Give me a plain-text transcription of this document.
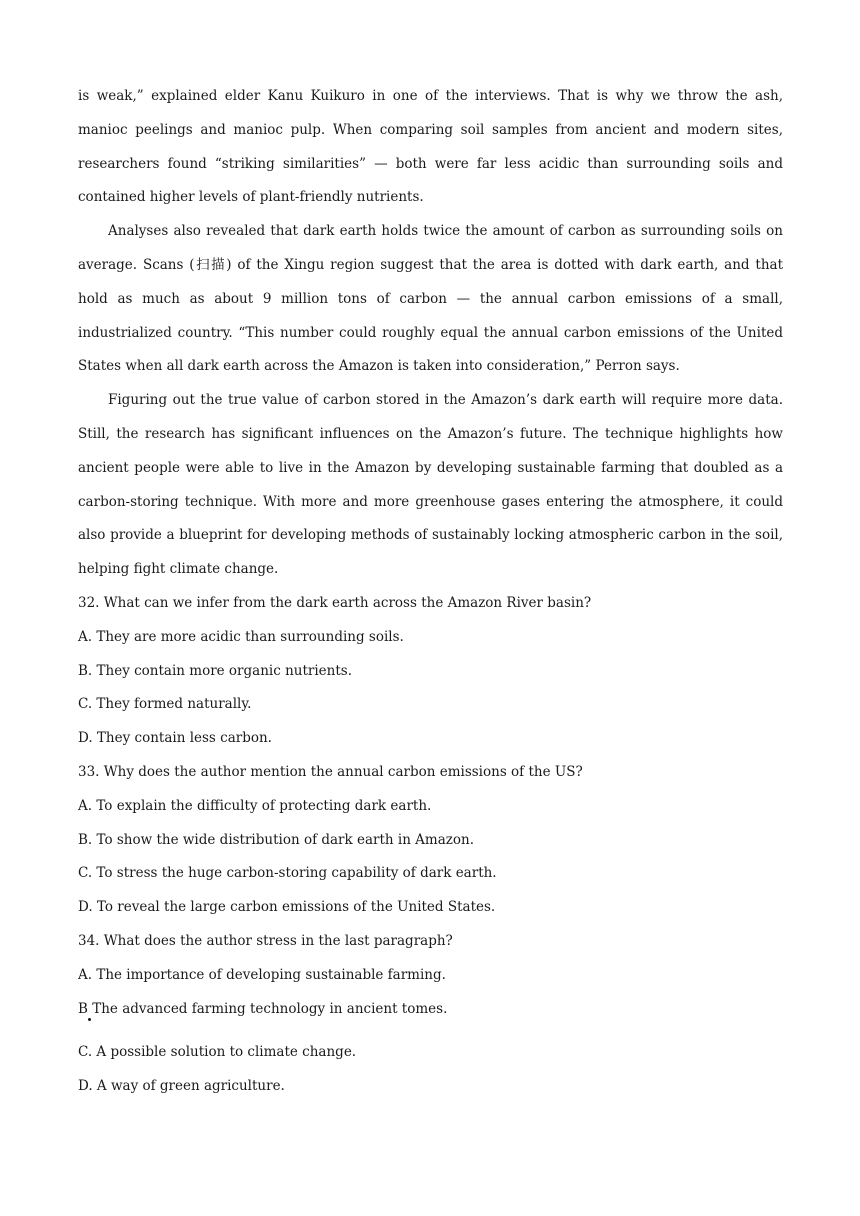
is weak,” explained elder Kanu Kuikuro in one of the interviews. That is why we throw the ash, manioc peelings and manioc pulp. When comparing soil samples from ancient and modern sites, researchers found “striking similarities” — both were far less acidic than surrounding soils and contained higher levels of plant-friendly nutrients.

Analyses also revealed that dark earth holds twice the amount of carbon as surrounding soils on average. Scans (扫描) of the Xingu region suggest that the area is dotted with dark earth, and that hold as much as about 9 million tons of carbon — the annual carbon emissions of a small, industrialized country. “This number could roughly equal the annual carbon emissions of the United States when all dark earth across the Amazon is taken into consideration,” Perron says.

Figuring out the true value of carbon stored in the Amazon’s dark earth will require more data. Still, the research has significant influences on the Amazon’s future. The technique highlights how ancient people were able to live in the Amazon by developing sustainable farming that doubled as a carbon-storing technique. With more and more greenhouse gases entering the atmosphere, it could also provide a blueprint for developing methods of sustainably locking atmospheric carbon in the soil, helping fight climate change.

32. What can we infer from the dark earth across the Amazon River basin?

A. They are more acidic than surrounding soils.

B. They contain more organic nutrients.

C. They formed naturally.

D. They contain less carbon.

33. Why does the author mention the annual carbon emissions of the US?

A. To explain the difficulty of protecting dark earth.

B. To show the wide distribution of dark earth in Amazon.

C. To stress the huge carbon-storing capability of dark earth.

D. To reveal the large carbon emissions of the United States.

34. What does the author stress in the last paragraph?

A. The importance of developing sustainable farming.

B The advanced farming technology in ancient tomes.

C. A possible solution to climate change.

D. A way of green agriculture.
